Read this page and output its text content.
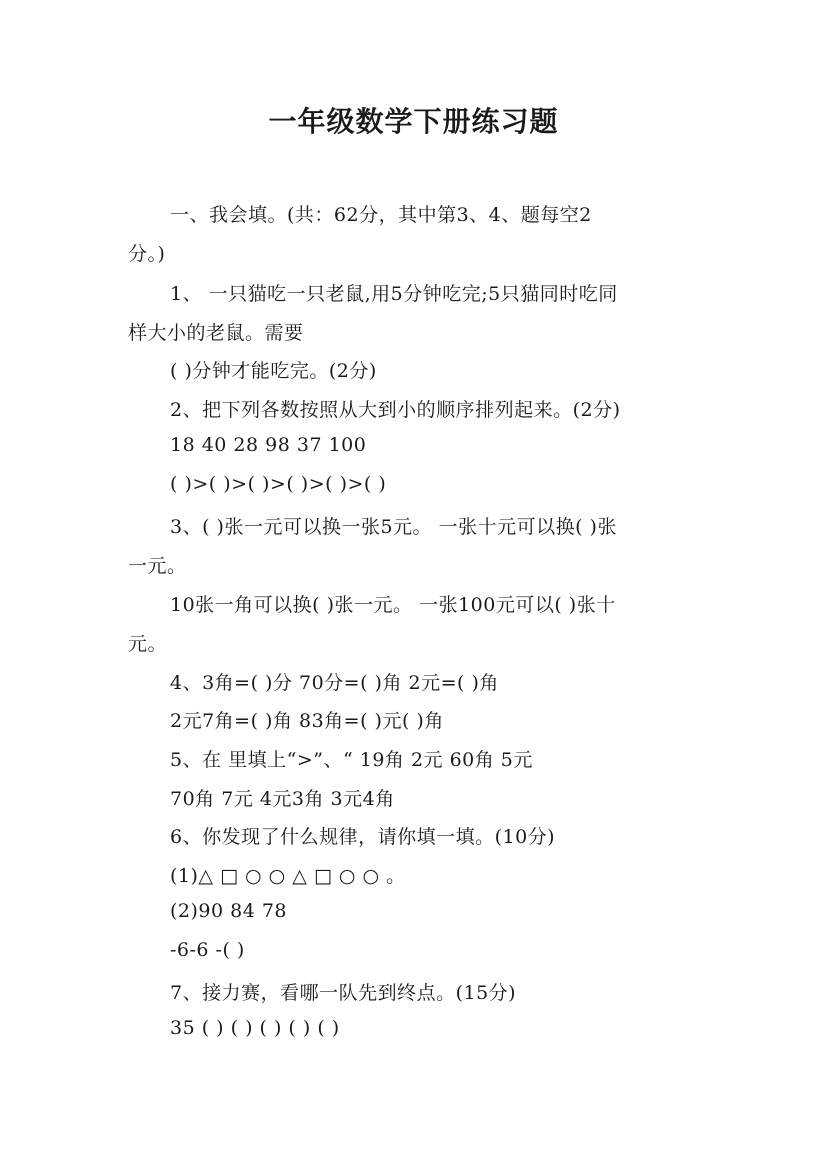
一年级数学下册练习题
一、我会填。(共：62分，其中第3、4、题每空2
分。)
1、 一只猫吃一只老鼠,用5分钟吃完;5只猫同时吃同
样大小的老鼠。需要
( )分钟才能吃完。(2分)
2、把下列各数按照从大到小的顺序排列起来。(2分)
18 40 28 98 37 100
( )>( )>( )>( )>( )>( )
3、( )张一元可以换一张5元。 一张十元可以换( )张
一元。
10张一角可以换( )张一元。 一张100元可以( )张十
元。
4、3角=( )分 70分=( )角 2元=( )角
2元7角=( )角 83角=( )元( )角
5、在 里填上“>”、“ 19角 2元 60角 5元
70角 7元 4元3角 3元4角
6、你发现了什么规律，请你填一填。(10分)
(1)△ □ ○ ○ △ □ ○ ○ 。
(2)90 84 78
-6-6 -( )
7、接力赛，看哪一队先到终点。(15分)
35 ( ) ( ) ( ) ( ) ( )
